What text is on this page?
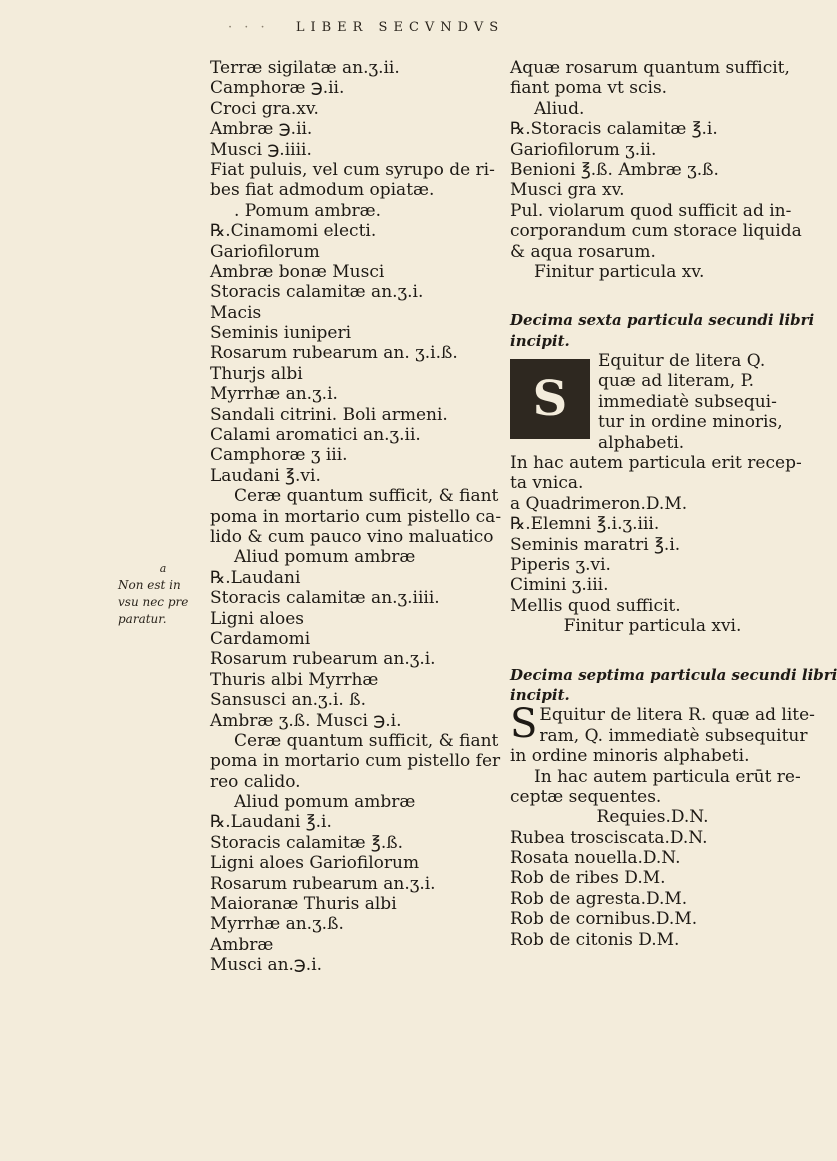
· · · LIBER SECVNDVS
a
Non est in
vsu nec pre
paratur.
Terræ sigilatæ an.ʒ.ii.
Camphoræ ℈.ii.
Croci gra.xv.
Ambræ ℈.ii.
Musci ℈.iiii.
Fiat puluis, vel cum syrupo de ri-
bes fiat admodum opiatæ.
. Pomum ambræ.
℞.Cinamomi electi.
Gariofilorum
Ambræ bonæ Musci
Storacis calamitæ an.ʒ.i.
Macis
Seminis iuniperi
Rosarum rubearum an. ʒ.i.ß.
Thurjs albi
Myrrhæ an.ʒ.i.
Sandali citrini. Boli armeni.
Calami aromatici an.ʒ.ii.
Camphoræ ʒ iii.
Laudani ℥.vi.
Ceræ quantum sufficit, & fiant
poma in mortario cum pistello ca-
lido & cum pauco vino maluatico
Aliud pomum ambræ
℞.Laudani
Storacis calamitæ an.ʒ.iiii.
Ligni aloes
Cardamomi
Rosarum rubearum an.ʒ.i.
Thuris albi Myrrhæ
Sansusci an.ʒ.i. ß.
Ambræ ʒ.ß. Musci ℈.i.
Ceræ quantum sufficit, & fiant
poma in mortario cum pistello fer
reo calido.
Aliud pomum ambræ
℞.Laudani ℥.i.
Storacis calamitæ ℥.ß.
Ligni aloes Gariofilorum
Rosarum rubearum an.ʒ.i.
Maioranæ Thuris albi
Myrrhæ an.ʒ.ß.
Ambræ
Musci an.℈.i.
Aquæ rosarum quantum sufficit,
fiant poma vt scis.
Aliud.
℞.Storacis calamitæ ℥.i.
Gariofilorum ʒ.ii.
Benioni ℥.ß. Ambræ ʒ.ß.
Musci gra xv.
Pul. violarum quod sufficit ad in-
corporandum cum storace liquida
& aqua rosarum.
Finitur particula xv.
Decima sexta particula secundi libri
incipit.
S
Equitur de litera Q.
quæ ad literam, P.
immediatè subsequi-
tur in ordine minoris,
alphabeti.
In hac autem particula erit recep-
ta vnica.
a Quadrimeron.D.M.
℞.Elemni ℥.i.ʒ.iii.
Seminis maratri ℥.i.
Piperis ʒ.vi.
Cimini ʒ.iii.
Mellis quod sufficit.
Finitur particula xvi.
Decima septima particula secundi libri
incipit.
S Equitur de litera R. quæ ad lite-
ram, Q. immediatè subsequitur
in ordine minoris alphabeti.
In hac autem particula erūt re-
ceptæ sequentes.
Requies.D.N.
Rubea trosciscata.D.N.
Rosata nouella.D.N.
Rob de ribes D.M.
Rob de agresta.D.M.
Rob de cornibus.D.M.
Rob de citonis D.M.
